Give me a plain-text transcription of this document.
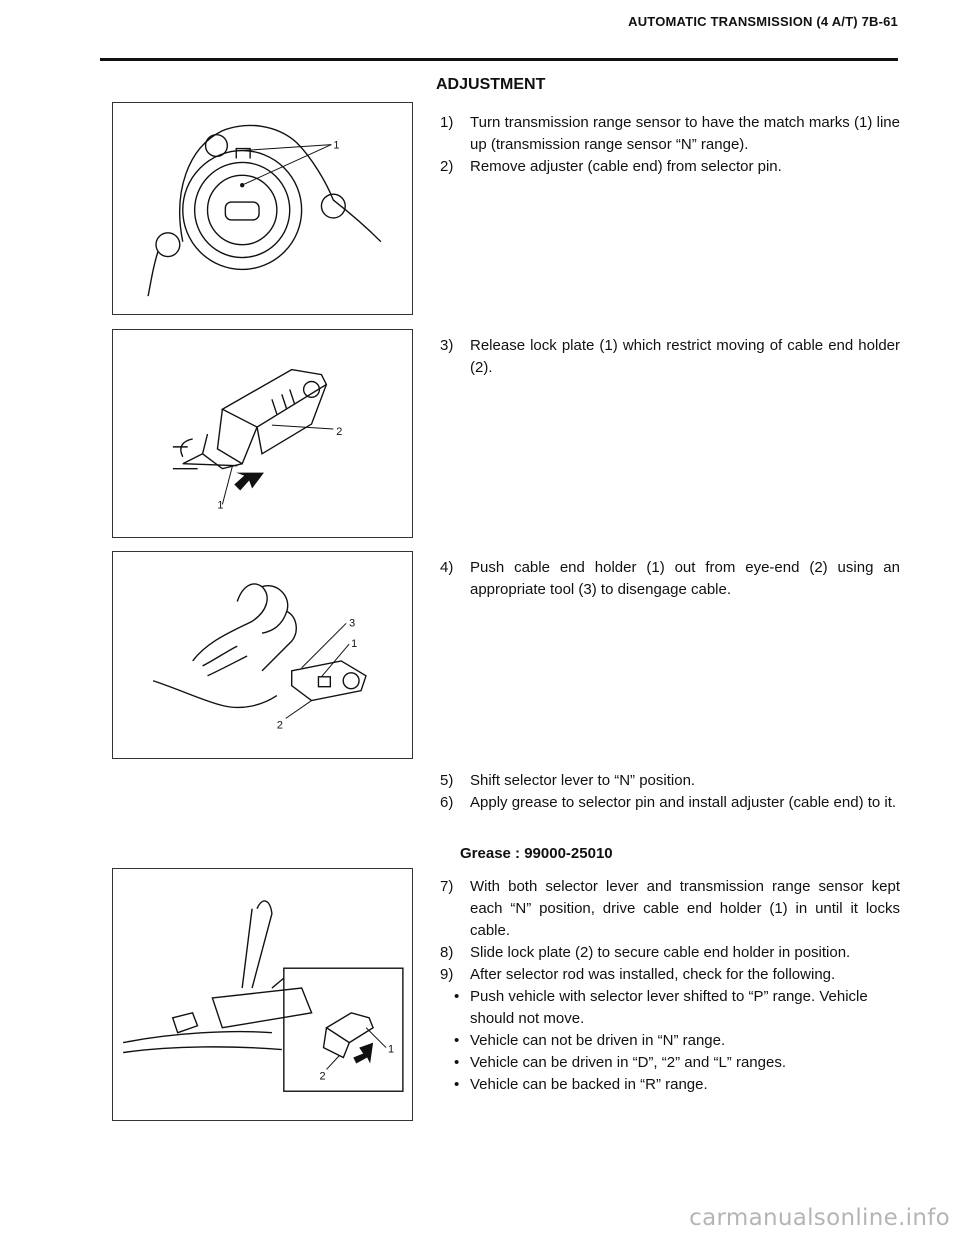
AUTOMATIC TRANSMISSION (4 A/T) 7B-61
ADJUSTMENT
1
2
1
3
1
2
1
2
1) Turn transmission range sensor to have the match marks (1) line up (transmission range sensor “N” range).
2) Remove adjuster (cable end) from selector pin.
3) Release lock plate (1) which restrict moving of cable end holder (2).
4) Push cable end holder (1) out from eye-end (2) using an appropriate tool (3) to disengage cable.
5) Shift selector lever to “N” position.
6) Apply grease to selector pin and install adjuster (cable end) to it.
Grease : 99000-25010
7) With both selector lever and transmission range sensor kept each “N” position, drive cable end holder (1) in until it locks cable.
8) Slide lock plate (2) to secure cable end holder in position.
9) After selector rod was installed, check for the following.
• Push vehicle with selector lever shifted to “P” range. Vehicle should not move.
• Vehicle can not be driven in “N” range.
• Vehicle can be driven in “D”, “2” and “L” ranges.
• Vehicle can be backed in “R” range.
carmanualsonline.info
